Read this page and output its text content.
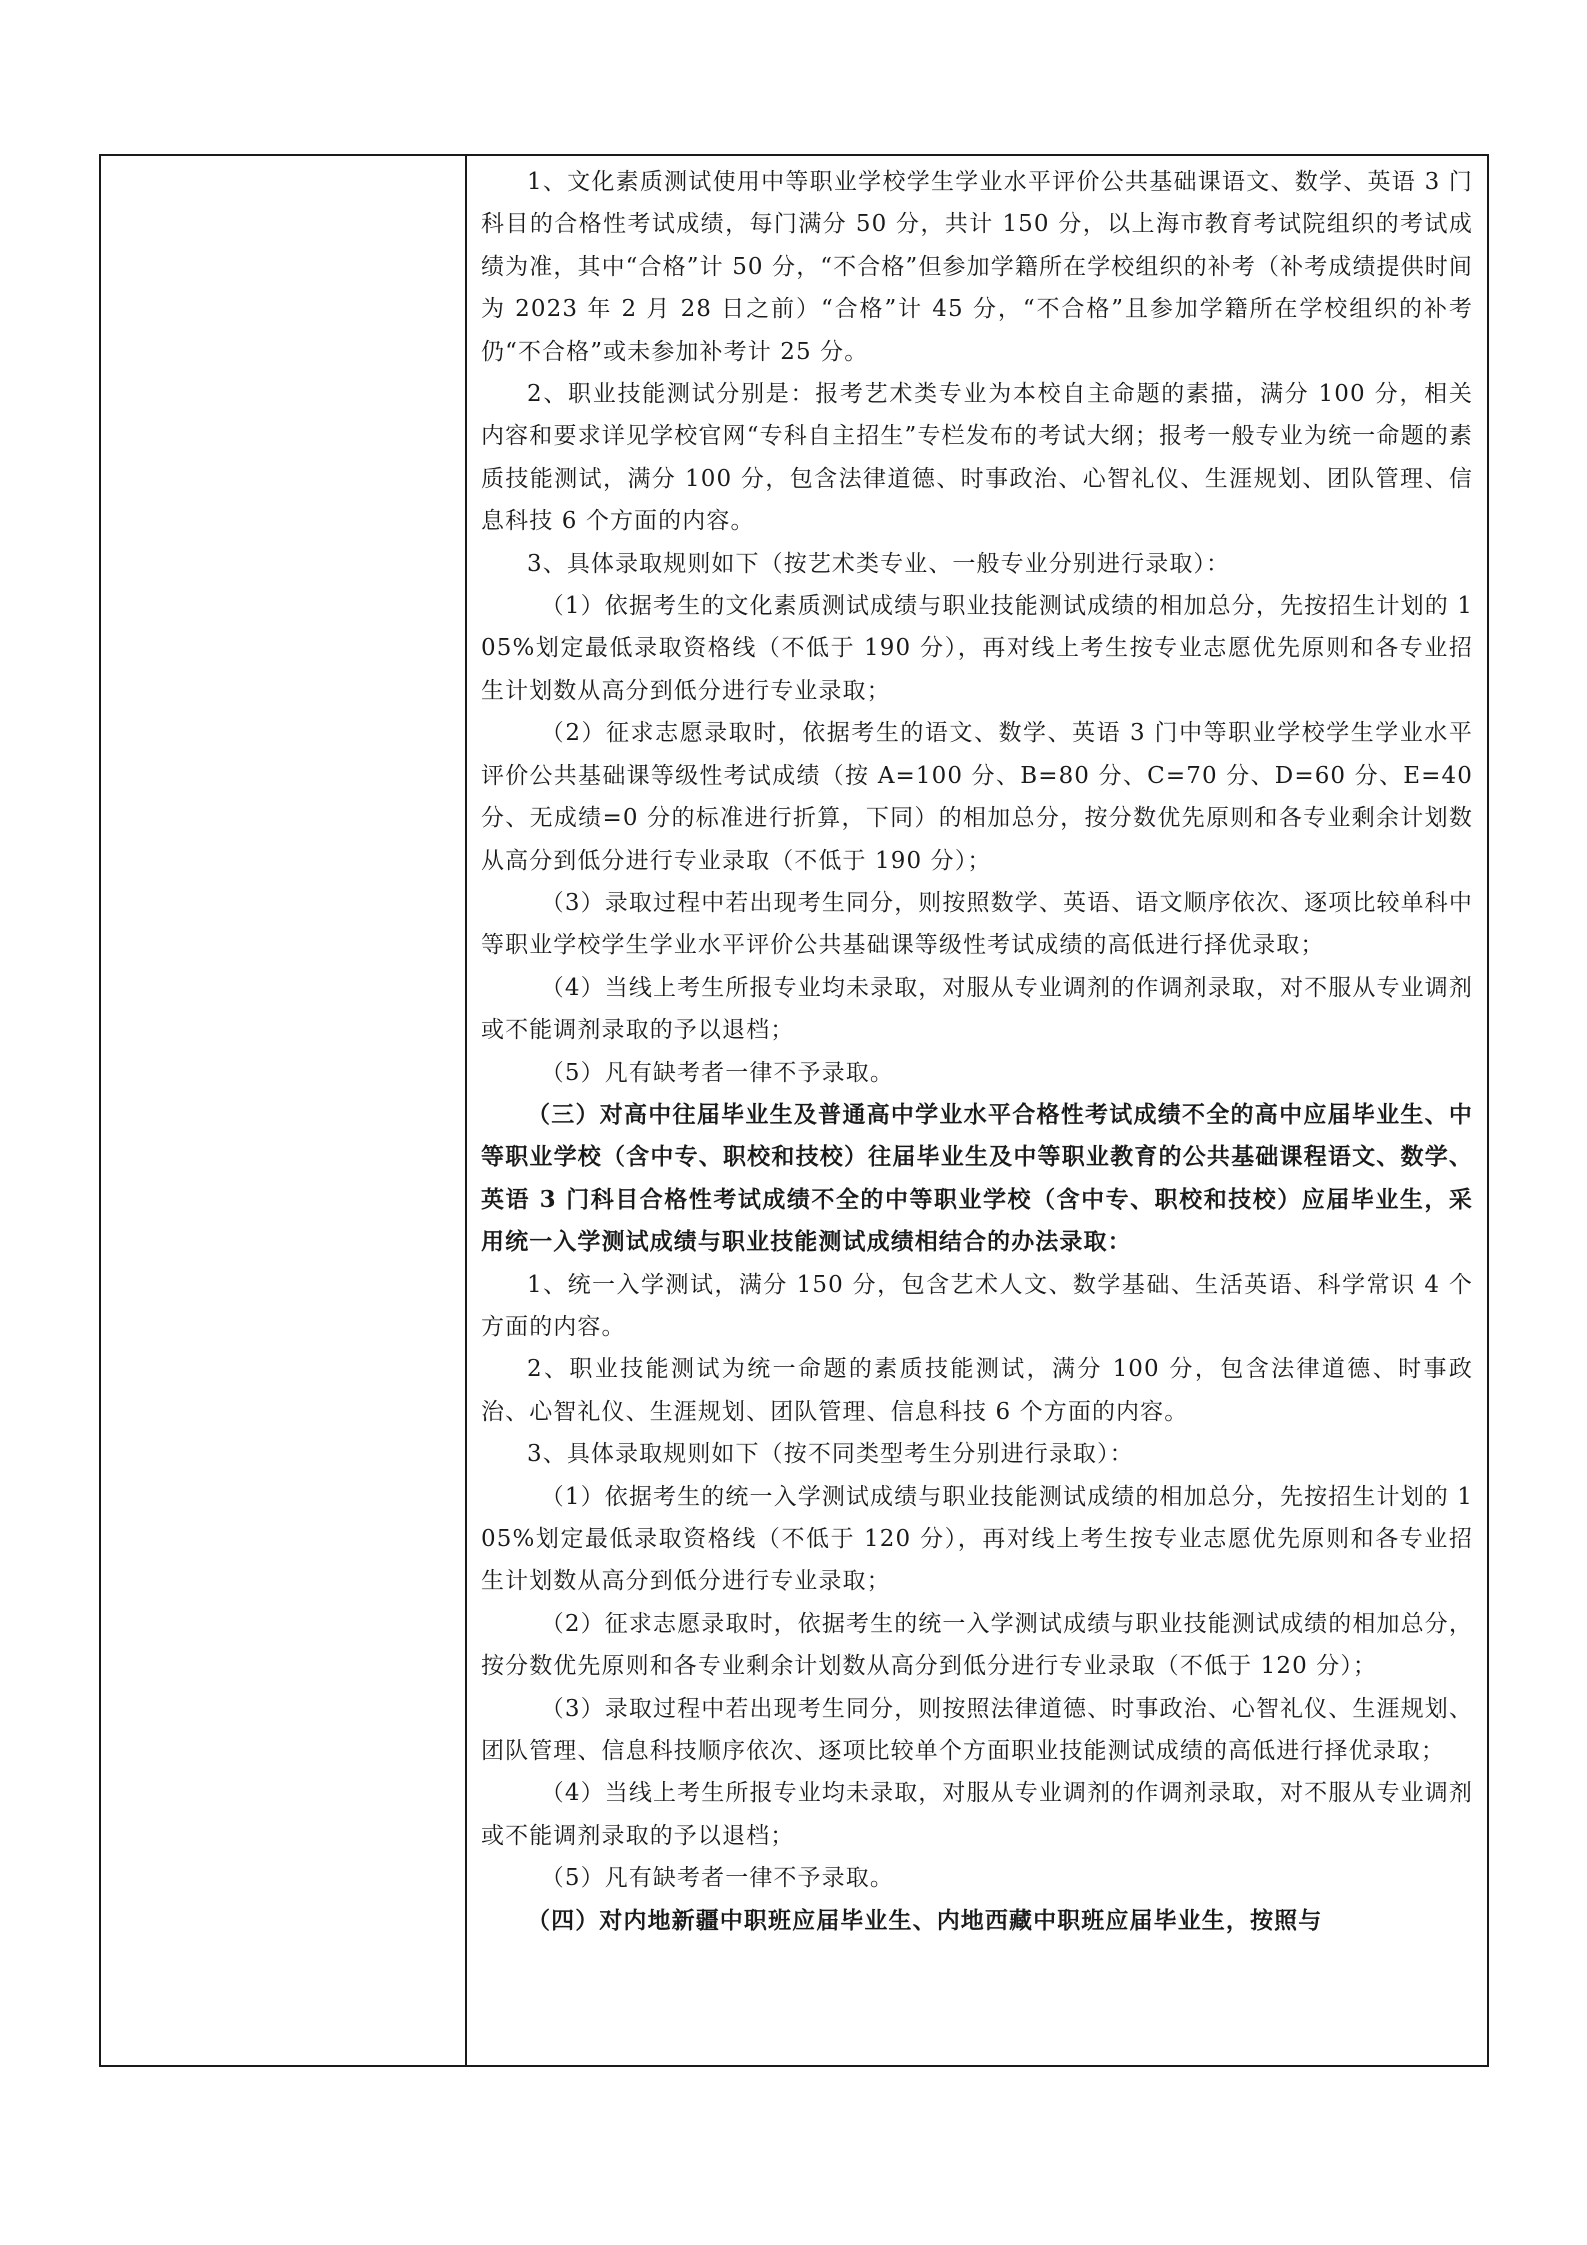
1、文化素质测试使用中等职业学校学生学业水平评价公共基础课语文、数学、英语 3 门科目的合格性考试成绩，每门满分 50 分，共计 150 分，以上海市教育考试院组织的考试成绩为准，其中“合格”计 50 分，“不合格”但参加学籍所在学校组织的补考（补考成绩提供时间为 2023 年 2 月 28 日之前）“合格”计 45 分，“不合格”且参加学籍所在学校组织的补考仍“不合格”或未参加补考计 25 分。

2、职业技能测试分别是：报考艺术类专业为本校自主命题的素描，满分 100 分，相关内容和要求详见学校官网“专科自主招生”专栏发布的考试大纲；报考一般专业为统一命题的素质技能测试，满分 100 分，包含法律道德、时事政治、心智礼仪、生涯规划、团队管理、信息科技 6 个方面的内容。

3、具体录取规则如下（按艺术类专业、一般专业分别进行录取）：

（1）依据考生的文化素质测试成绩与职业技能测试成绩的相加总分，先按招生计划的 105%划定最低录取资格线（不低于 190 分），再对线上考生按专业志愿优先原则和各专业招生计划数从高分到低分进行专业录取；

（2）征求志愿录取时，依据考生的语文、数学、英语 3 门中等职业学校学生学业水平评价公共基础课等级性考试成绩（按 A=100 分、B=80 分、C=70 分、D=60 分、E=40 分、无成绩=0 分的标准进行折算，下同）的相加总分，按分数优先原则和各专业剩余计划数从高分到低分进行专业录取（不低于 190 分）；

（3）录取过程中若出现考生同分，则按照数学、英语、语文顺序依次、逐项比较单科中等职业学校学生学业水平评价公共基础课等级性考试成绩的高低进行择优录取；

（4）当线上考生所报专业均未录取，对服从专业调剂的作调剂录取，对不服从专业调剂或不能调剂录取的予以退档；

（5）凡有缺考者一律不予录取。

（三）对高中往届毕业生及普通高中学业水平合格性考试成绩不全的高中应届毕业生、中等职业学校（含中专、职校和技校）往届毕业生及中等职业教育的公共基础课程语文、数学、英语 3 门科目合格性考试成绩不全的中等职业学校（含中专、职校和技校）应届毕业生，采用统一入学测试成绩与职业技能测试成绩相结合的办法录取：

1、统一入学测试，满分 150 分，包含艺术人文、数学基础、生活英语、科学常识 4 个方面的内容。

2、职业技能测试为统一命题的素质技能测试，满分 100 分，包含法律道德、时事政治、心智礼仪、生涯规划、团队管理、信息科技 6 个方面的内容。

3、具体录取规则如下（按不同类型考生分别进行录取）：

（1）依据考生的统一入学测试成绩与职业技能测试成绩的相加总分，先按招生计划的 105%划定最低录取资格线（不低于 120 分），再对线上考生按专业志愿优先原则和各专业招生计划数从高分到低分进行专业录取；

（2）征求志愿录取时，依据考生的统一入学测试成绩与职业技能测试成绩的相加总分，按分数优先原则和各专业剩余计划数从高分到低分进行专业录取（不低于 120 分）；

（3）录取过程中若出现考生同分，则按照法律道德、时事政治、心智礼仪、生涯规划、团队管理、信息科技顺序依次、逐项比较单个方面职业技能测试成绩的高低进行择优录取；

（4）当线上考生所报专业均未录取，对服从专业调剂的作调剂录取，对不服从专业调剂或不能调剂录取的予以退档；

（5）凡有缺考者一律不予录取。

（四）对内地新疆中职班应届毕业生、内地西藏中职班应届毕业生，按照与
